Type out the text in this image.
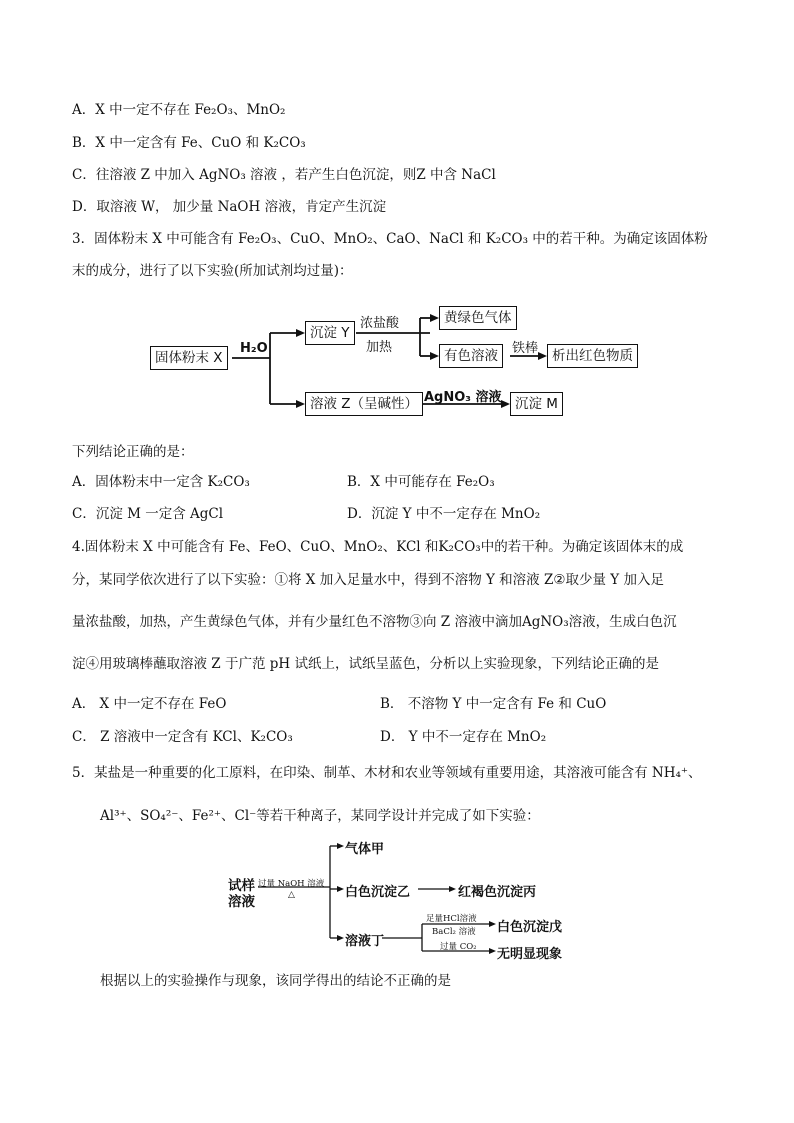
A．X 中一定不存在 Fe₂O₃、MnO₂
B．X 中一定含有 Fe、CuO 和 K₂CO₃
C．往溶液 Z 中加入 AgNO₃ 溶液 ，若产生白色沉淀，则Z 中含 NaCl
D．取溶液 W， 加少量 NaOH 溶液，肯定产生沉淀
3．固体粉末 X 中可能含有 Fe₂O₃、CuO、MnO₂、CaO、NaCl 和 K₂CO₃ 中的若干种。为确定该固体粉
末的成分，进行了以下实验(所加试剂均过量)：
固体粉末 X
H₂O
沉淀 Y
浓盐酸
加热
黄绿色气体
有色溶液	铁棒	析出红色物质
溶液 Z（呈碱性） AgNO₃ 溶液 沉淀 M
下列结论正确的是：
A．固体粉末中一定含 K₂CO₃	B．X 中可能存在 Fe₂O₃
C．沉淀 M 一定含 AgCl	D．沉淀 Y 中不一定存在 MnO₂
4.固体粉末 X 中可能含有 Fe、FeO、CuO、MnO₂、KCl 和K₂CO₃中的若干种。为确定该固体末的成
分，某同学依次进行了以下实验：①将 X 加入足量水中，得到不溶物 Y 和溶液 Z②取少量 Y 加入足
量浓盐酸，加热，产生黄绿色气体，并有少量红色不溶物③向 Z 溶液中滴加AgNO₃溶液，生成白色沉
淀④用玻璃棒蘸取溶液 Z 于广范 pH 试纸上，试纸呈蓝色，分析以上实验现象，下列结论正确的是
A． X 中一定不存在 FeO	B． 不溶物 Y 中一定含有 Fe 和 CuO
C． Z 溶液中一定含有 KCl、K₂CO₃	D． Y 中不一定存在 MnO₂
5．某盐是一种重要的化工原料，在印染、制革、木材和农业等领域有重要用途，其溶液可能含有 NH₄⁺、
Al³⁺、SO₄²⁻、Fe²⁺、Cl⁻等若干种离子，某同学设计并完成了如下实验：
试样
溶液
过量 NaOH 溶液
△
气体甲
白色沉淀乙	红褐色沉淀丙
溶液丁
足量HCl溶液
BaCl₂ 溶液 白色沉淀戊
过量 CO₂ 无明显现象
根据以上的实验操作与现象，该同学得出的结论不正确的是
